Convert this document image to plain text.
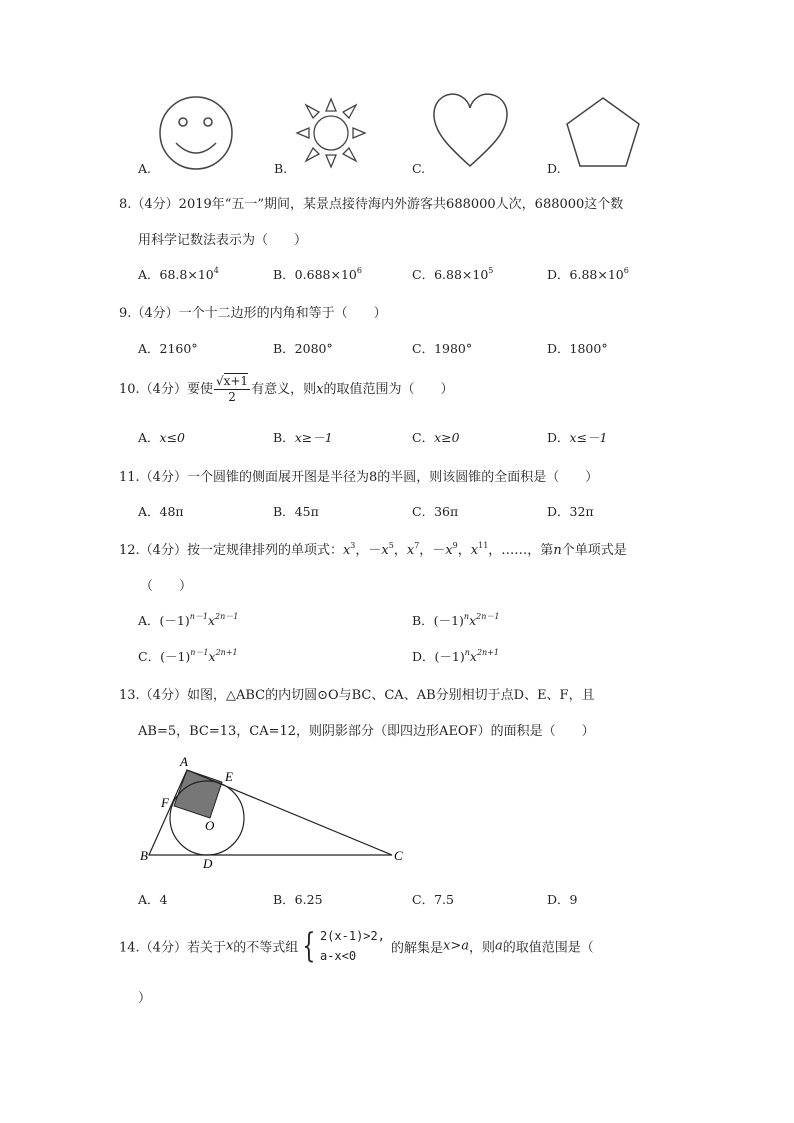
A.	B.	C.	D.
8.（4分）2019年“五一”期间，某景点接待海内外游客共688000人次，688000这个数
用科学记数法表示为（　　）
A．$68.8\times 10^4$	B．$0.688\times 10^6$	C．$6.88\times 10^5$	D．$6.88\times 10^6$
9.（4分）一个十二边形的内角和等于（　　）
A．2160°	B．2080°	C．1980°	D．1800°
10.（4分）要使 $\frac{√x+1}{2}$ 有意义，则x的取值范围为（　　）
A．x≤0	B．x≥－1	C．x≥0	D．x≤－1
11.（4分）一个圆锥的侧面展开图是半径为8的半圆，则该圆锥的全面积是（　　）
A．48π	B．45π	C．36π	D．32π
12.（4分）按一定规律排列的单项式：$x^3$，$-x^5$，$x^7$，$-x^9$，$x^{11}$，……，第n个单项式是
（　　）
A．$(-1)^{n-1}x^{2n-1}$	B．$(-1)^nx^{2n-1}$
C．$(-1)^{n-1}x^{2n+1}$	D．$(-1)^nx^{2n+1}$
13.（4分）如图，△ABC的内切圆⊙O与BC、CA、AB分别相切于点D、E、F，且
AB=5，BC=13，CA=12，则阴影部分（即四边形AEOF）的面积是（　　）
A
E
F
O
B
D
C
A．4	B．6.25	C．7.5	D．9
14.（4分）若关于x的不等式组 { 2(x-1)>2,
a-x<0
的解集是x>a，则a的取值范围是（
）
